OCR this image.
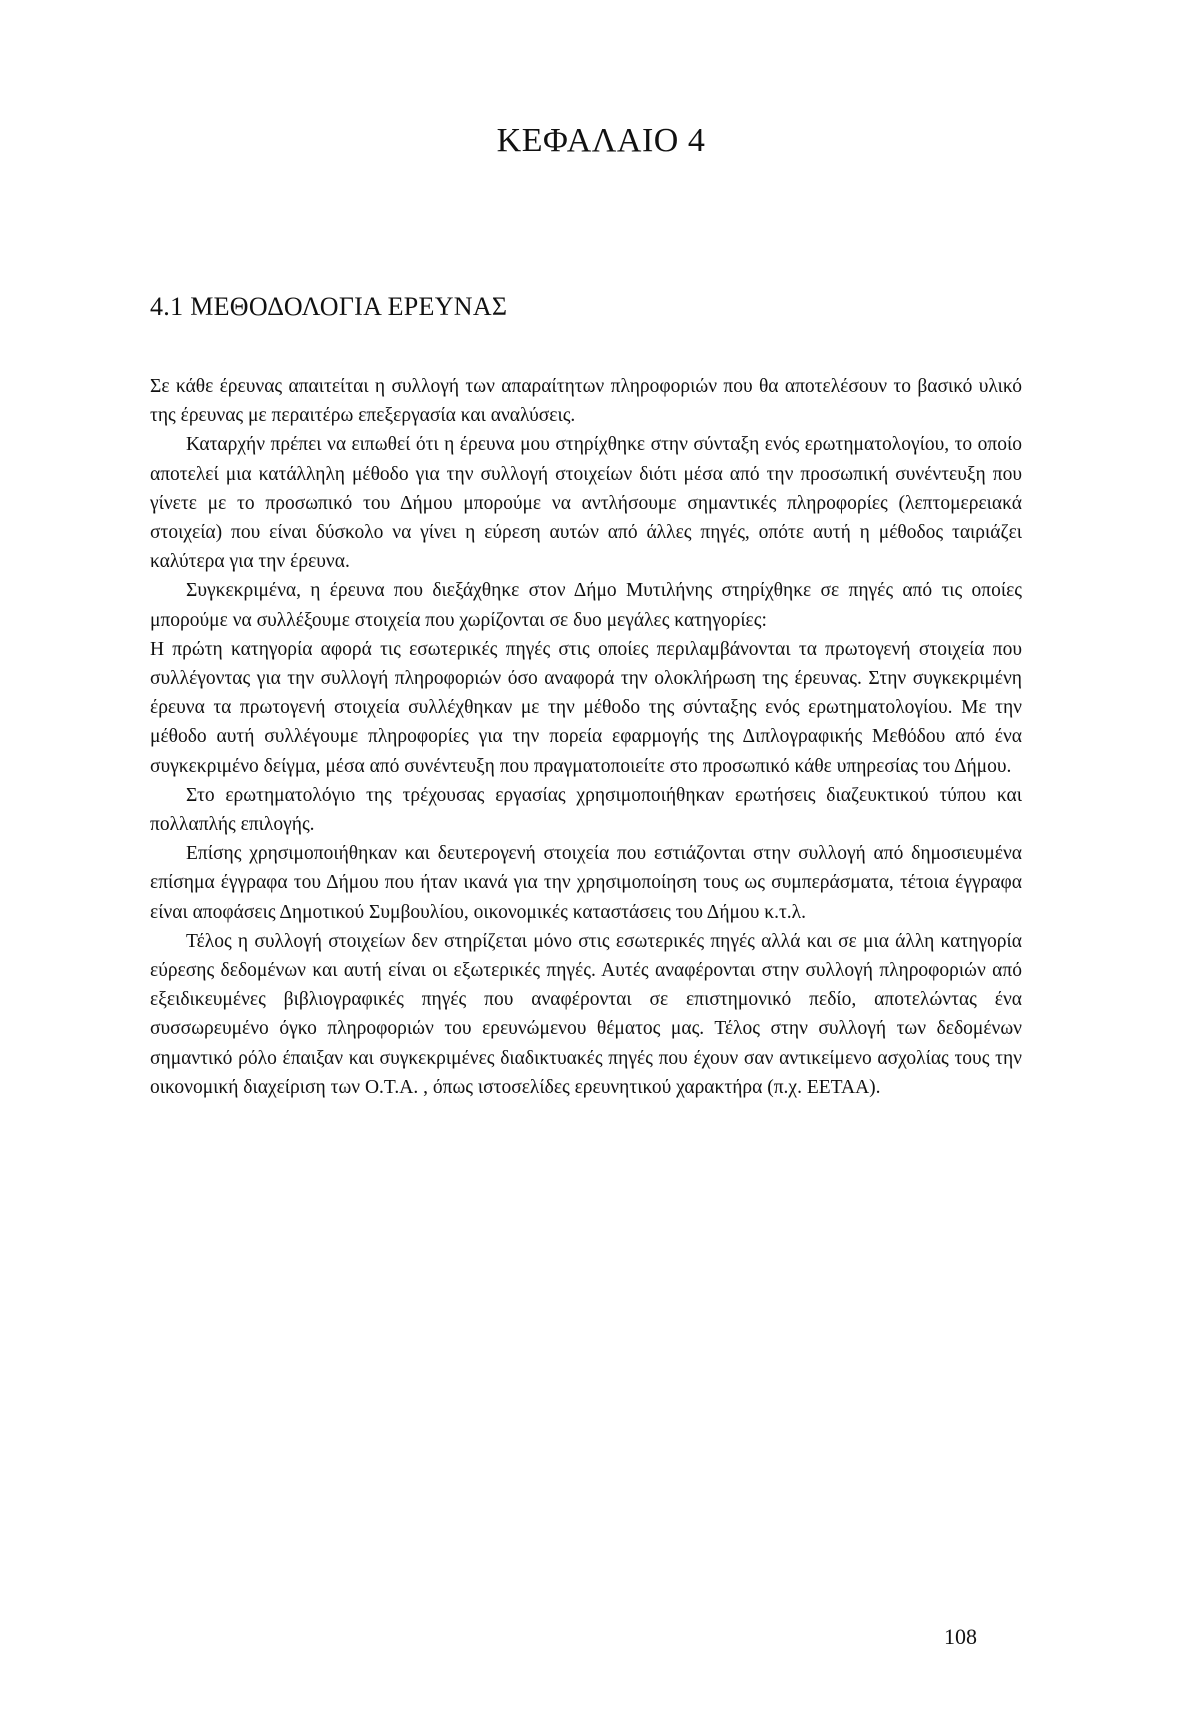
ΚΕΦΑΛΑΙΟ 4
4.1 ΜΕΘΟΔΟΛΟΓΙΑ ΕΡΕΥΝΑΣ

Σε κάθε έρευνας απαιτείται η συλλογή των απαραίτητων πληροφοριών που θα αποτελέσουν το βασικό υλικό της έρευνας με περαιτέρω επεξεργασία και αναλύσεις.

Καταρχήν πρέπει να ειπωθεί ότι η έρευνα μου στηρίχθηκε στην σύνταξη ενός ερωτηματολογίου, το οποίο αποτελεί μια κατάλληλη μέθοδο για την συλλογή στοιχείων διότι μέσα από την προσωπική συνέντευξη που γίνετε με το προσωπικό του Δήμου μπορούμε να αντλήσουμε σημαντικές πληροφορίες (λεπτομερειακά στοιχεία) που είναι δύσκολο να γίνει η εύρεση αυτών από άλλες πηγές, οπότε αυτή η μέθοδος ταιριάζει καλύτερα για την έρευνα.

Συγκεκριμένα, η έρευνα που διεξάχθηκε στον Δήμο Μυτιλήνης στηρίχθηκε σε πηγές από τις οποίες μπορούμε να συλλέξουμε στοιχεία που χωρίζονται σε δυο μεγάλες κατηγορίες:

Η πρώτη κατηγορία αφορά τις εσωτερικές πηγές στις οποίες περιλαμβάνονται τα πρωτογενή στοιχεία που συλλέγοντας για την συλλογή πληροφοριών όσο αναφορά την ολοκλήρωση της έρευνας. Στην συγκεκριμένη έρευνα τα πρωτογενή στοιχεία συλλέχθηκαν με την μέθοδο της σύνταξης ενός ερωτηματολογίου. Με την μέθοδο αυτή συλλέγουμε πληροφορίες για την πορεία εφαρμογής της Διπλογραφικής Μεθόδου από ένα συγκεκριμένο δείγμα, μέσα από συνέντευξη που πραγματοποιείτε στο προσωπικό κάθε υπηρεσίας του Δήμου.

Στο ερωτηματολόγιο της τρέχουσας εργασίας χρησιμοποιήθηκαν ερωτήσεις διαζευκτικού τύπου και πολλαπλής επιλογής.

Επίσης χρησιμοποιήθηκαν και δευτερογενή στοιχεία που εστιάζονται στην συλλογή από δημοσιευμένα επίσημα έγγραφα του Δήμου που ήταν ικανά για την χρησιμοποίηση τους ως συμπεράσματα, τέτοια έγγραφα είναι αποφάσεις Δημοτικού Συμβουλίου, οικονομικές καταστάσεις του Δήμου κ.τ.λ.

Τέλος η συλλογή στοιχείων δεν στηρίζεται μόνο στις εσωτερικές πηγές αλλά και σε μια άλλη κατηγορία εύρεσης δεδομένων και αυτή είναι οι εξωτερικές πηγές. Αυτές αναφέρονται στην συλλογή πληροφοριών από εξειδικευμένες βιβλιογραφικές πηγές που αναφέρονται σε επιστημονικό πεδίο, αποτελώντας ένα συσσωρευμένο όγκο πληροφοριών του ερευνώμενου θέματος μας. Τέλος στην συλλογή των δεδομένων σημαντικό ρόλο έπαιξαν και συγκεκριμένες διαδικτυακές πηγές που έχουν σαν αντικείμενο ασχολίας τους την οικονομική διαχείριση των Ο.Τ.Α. , όπως ιστοσελίδες ερευνητικού χαρακτήρα (π.χ. ΕΕΤΑΑ).

108
